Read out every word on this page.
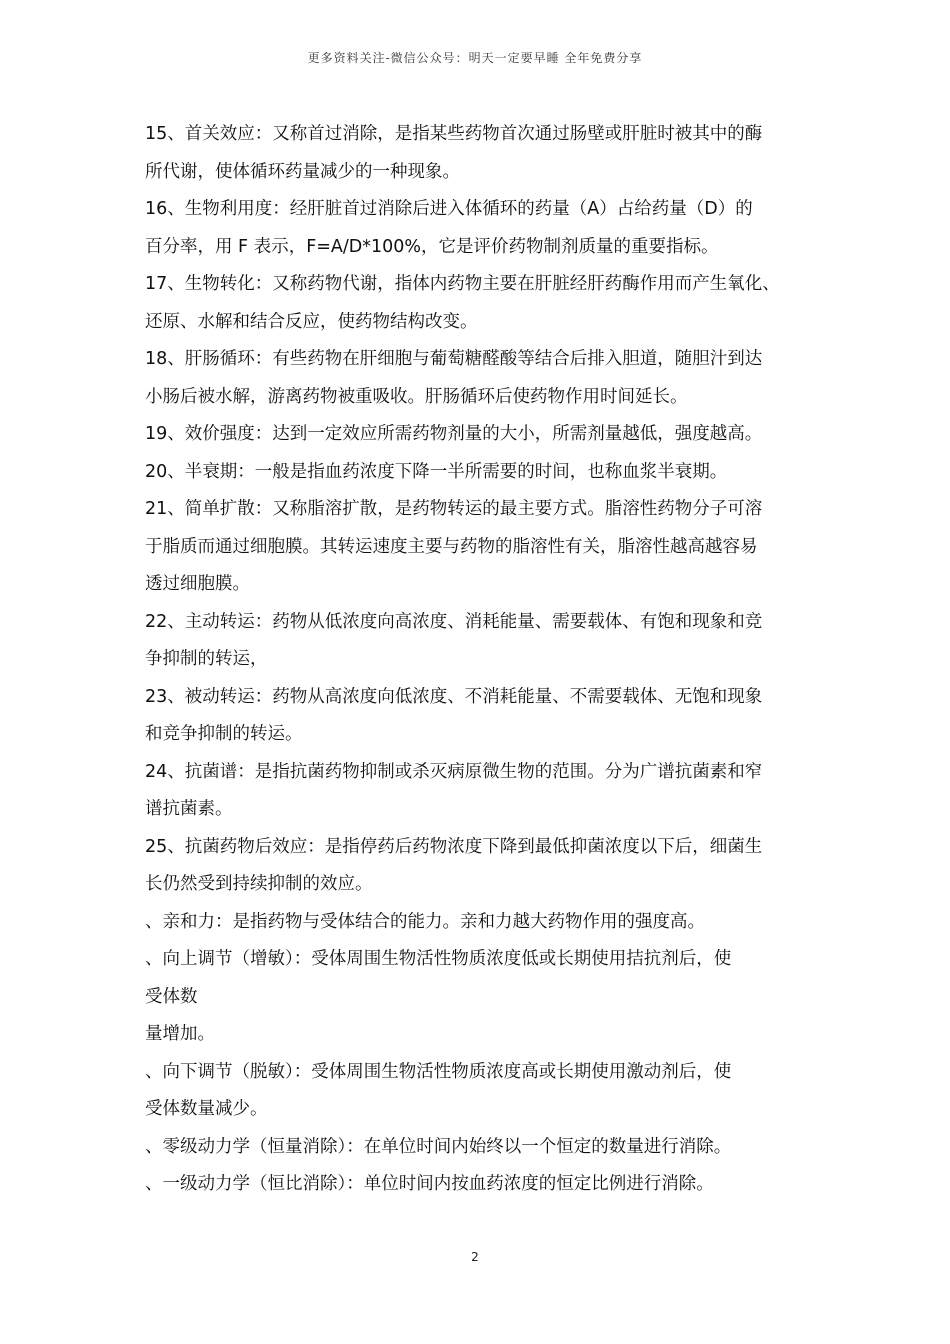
更多资料关注-微信公众号：明天一定要早睡 全年免费分享

15、首关效应：又称首过消除，是指某些药物首次通过肠壁或肝脏时被其中的酶
所代谢，使体循环药量减少的一种现象。

16、生物利用度：经肝脏首过消除后进入体循环的药量（A）占给药量（D）的
百分率，用 F 表示，F=A/D*100%，它是评价药物制剂质量的重要指标。

17、生物转化：又称药物代谢，指体内药物主要在肝脏经肝药酶作用而产生氧化、
还原、水解和结合反应，使药物结构改变。

18、肝肠循环：有些药物在肝细胞与葡萄糖醛酸等结合后排入胆道，随胆汁到达
小肠后被水解，游离药物被重吸收。肝肠循环后使药物作用时间延长。

19、效价强度：达到一定效应所需药物剂量的大小，所需剂量越低，强度越高。

20、半衰期：一般是指血药浓度下降一半所需要的时间，也称血浆半衰期。

21、简单扩散：又称脂溶扩散，是药物转运的最主要方式。脂溶性药物分子可溶
于脂质而通过细胞膜。其转运速度主要与药物的脂溶性有关，脂溶性越高越容易
透过细胞膜。

22、主动转运：药物从低浓度向高浓度、消耗能量、需要载体、有饱和现象和竞
争抑制的转运，

23、被动转运：药物从高浓度向低浓度、不消耗能量、不需要载体、无饱和现象
和竞争抑制的转运。

24、抗菌谱：是指抗菌药物抑制或杀灭病原微生物的范围。分为广谱抗菌素和窄
谱抗菌素。

25、抗菌药物后效应：是指停药后药物浓度下降到最低抑菌浓度以下后，细菌生
长仍然受到持续抑制的效应。

、亲和力：是指药物与受体结合的能力。亲和力越大药物作用的强度高。

、向上调节（增敏）：受体周围生物活性物质浓度低或长期使用拮抗剂后，使
受体数
量增加。

、向下调节（脱敏）：受体周围生物活性物质浓度高或长期使用激动剂后，使
受体数量减少。

、零级动力学（恒量消除）：在单位时间内始终以一个恒定的数量进行消除。

、一级动力学（恒比消除）：单位时间内按血药浓度的恒定比例进行消除。

2
